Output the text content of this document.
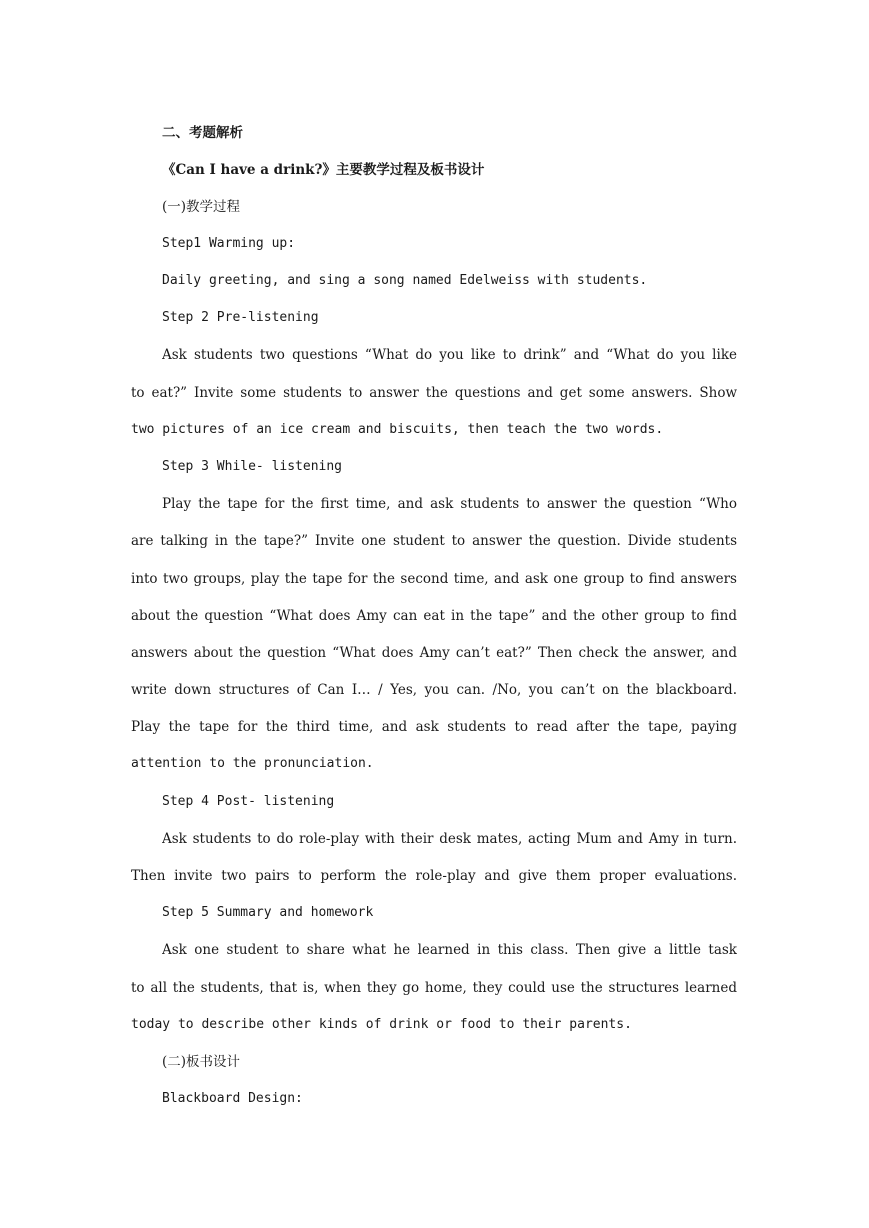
二、考题解析
《Can I have a drink?》主要教学过程及板书设计
(一)教学过程
Step1 Warming up:
Daily greeting, and sing a song named Edelweiss with students.
Step 2 Pre-listening
Ask students two questions “What do you like to drink” and “What do you like
to eat?” Invite some students to answer the questions and get some answers. Show
two pictures of an ice cream and biscuits, then teach the two words.
Step 3 While- listening
Play the tape for the first time, and ask students to answer the question “Who
are talking in the tape?” Invite one student to answer the question. Divide students
into two groups, play the tape for the second time, and ask one group to find answers
about the question “What does Amy can eat in the tape” and the other group to find
answers about the question “What does Amy can’t eat?” Then check the answer, and
write down structures of Can I… / Yes, you can. /No, you can’t on the blackboard.
Play the tape for the third time, and ask students to read after the tape, paying
attention to the pronunciation.
Step 4 Post- listening
Ask students to do role-play with their desk mates, acting Mum and Amy in turn.
Then invite two pairs to perform the role-play and give them proper evaluations.
Step 5 Summary and homework
Ask one student to share what he learned in this class. Then give a little task
to all the students, that is, when they go home, they could use the structures learned
today to describe other kinds of drink or food to their parents.
(二)板书设计
Blackboard Design:
